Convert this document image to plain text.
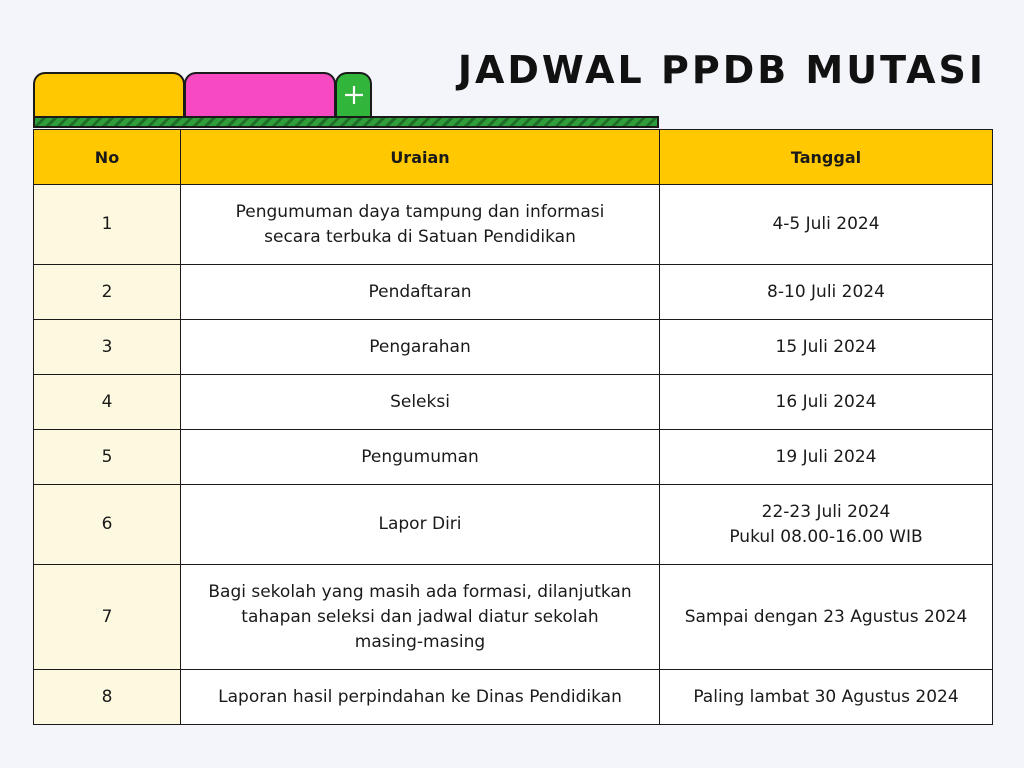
JADWAL PPDB MUTASI
No	Uraian	Tanggal
1	Pengumuman daya tampung dan informasi
secara terbuka di Satuan Pendidikan	4-5 Juli 2024
2	Pendaftaran	8-10 Juli 2024
3	Pengarahan	15 Juli 2024
4	Seleksi	16 Juli 2024
5	Pengumuman	19 Juli 2024
6	Lapor Diri	22-23 Juli 2024
Pukul 08.00-16.00 WIB
7	Bagi sekolah yang masih ada formasi, dilanjutkan
tahapan seleksi dan jadwal diatur sekolah
masing-masing	Sampai dengan 23 Agustus 2024
8	Laporan hasil perpindahan ke Dinas Pendidikan	Paling lambat 30 Agustus 2024
